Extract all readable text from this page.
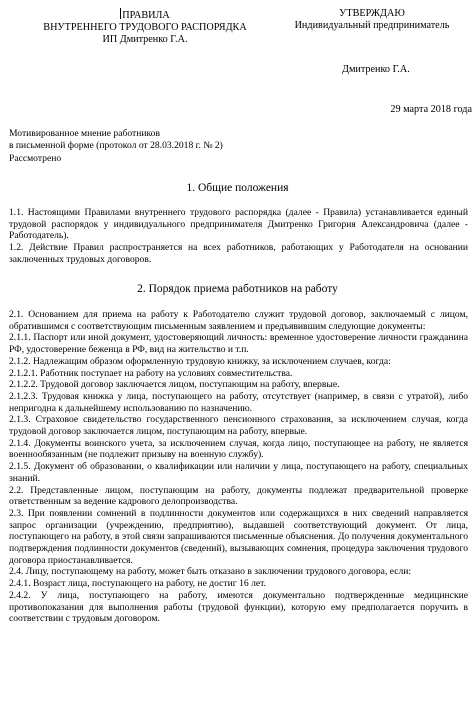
ПРАВИЛА
ВНУТРЕННЕГО ТРУДОВОГО РАСПОРЯДКА
ИП Дмитренко Г.А.
УТВЕРЖДАЮ
Индивидуальный предприниматель
Дмитренко Г.А.
29 марта 2018 года
Мотивированное мнение работников
в письменной форме (протокол от 28.03.2018 г. № 2)
Рассмотрено
1. Общие положения

1.1. Настоящими Правилами внутреннего трудового распорядка (далее - Правила) устанавливается единый трудовой распорядок у индивидуального предпринимателя Дмитренко Григория Александровича (далее - Работодатель).

1.2. Действие Правил распространяется на всех работников, работающих у Работодателя на основании заключенных трудовых договоров.

2. Порядок приема работников на работу

2.1. Основанием для приема на работу к Работодателю служит трудовой договор, заключаемый с лицом, обратившимся с соответствующим письменным заявлением и предъявившим следующие документы:

2.1.1. Паспорт или иной документ, удостоверяющий личность: временное удостоверение личности гражданина РФ, удостоверение беженца в РФ, вид на жительство и т.п.

2.1.2. Надлежащим образом оформленную трудовую книжку, за исключением случаев, когда:

2.1.2.1. Работник поступает на работу на условиях совместительства.

2.1.2.2. Трудовой договор заключается лицом, поступающим на работу, впервые.

2.1.2.3. Трудовая книжка у лица, поступающего на работу, отсутствует (например, в связи с утратой), либо непригодна к дальнейшему использованию по назначению.

2.1.3. Страховое свидетельство государственного пенсионного страхования, за исключением случая, когда трудовой договор заключается лицом, поступающим на работу, впервые.

2.1.4. Документы воинского учета, за исключением случая, когда лицо, поступающее на работу, не является военнообязанным (не подлежит призыву на военную службу).

2.1.5. Документ об образовании, о квалификации или наличии у лица, поступающего на работу, специальных знаний.

2.2. Представленные лицом, поступающим на работу, документы подлежат предварительной проверке ответственным за ведение кадрового делопроизводства.

2.3. При появлении сомнений в подлинности документов или содержащихся в них сведений направляется запрос организации (учреждению, предприятию), выдавшей соответствующий документ. От лица, поступающего на работу, в этой связи запрашиваются письменные объяснения. До получения документального подтверждения подлинности документов (сведений), вызывающих сомнения, процедура заключения трудового договора приостанавливается.

2.4. Лицу, поступающему на работу, может быть отказано в заключении трудового договора, если:

2.4.1. Возраст лица, поступающего на работу, не достиг 16 лет.

2.4.2. У лица, поступающего на работу, имеются документально подтвержденные медицинские противопоказания для выполнения работы (трудовой функции), которую ему предполагается поручить в соответствии с трудовым договором.
